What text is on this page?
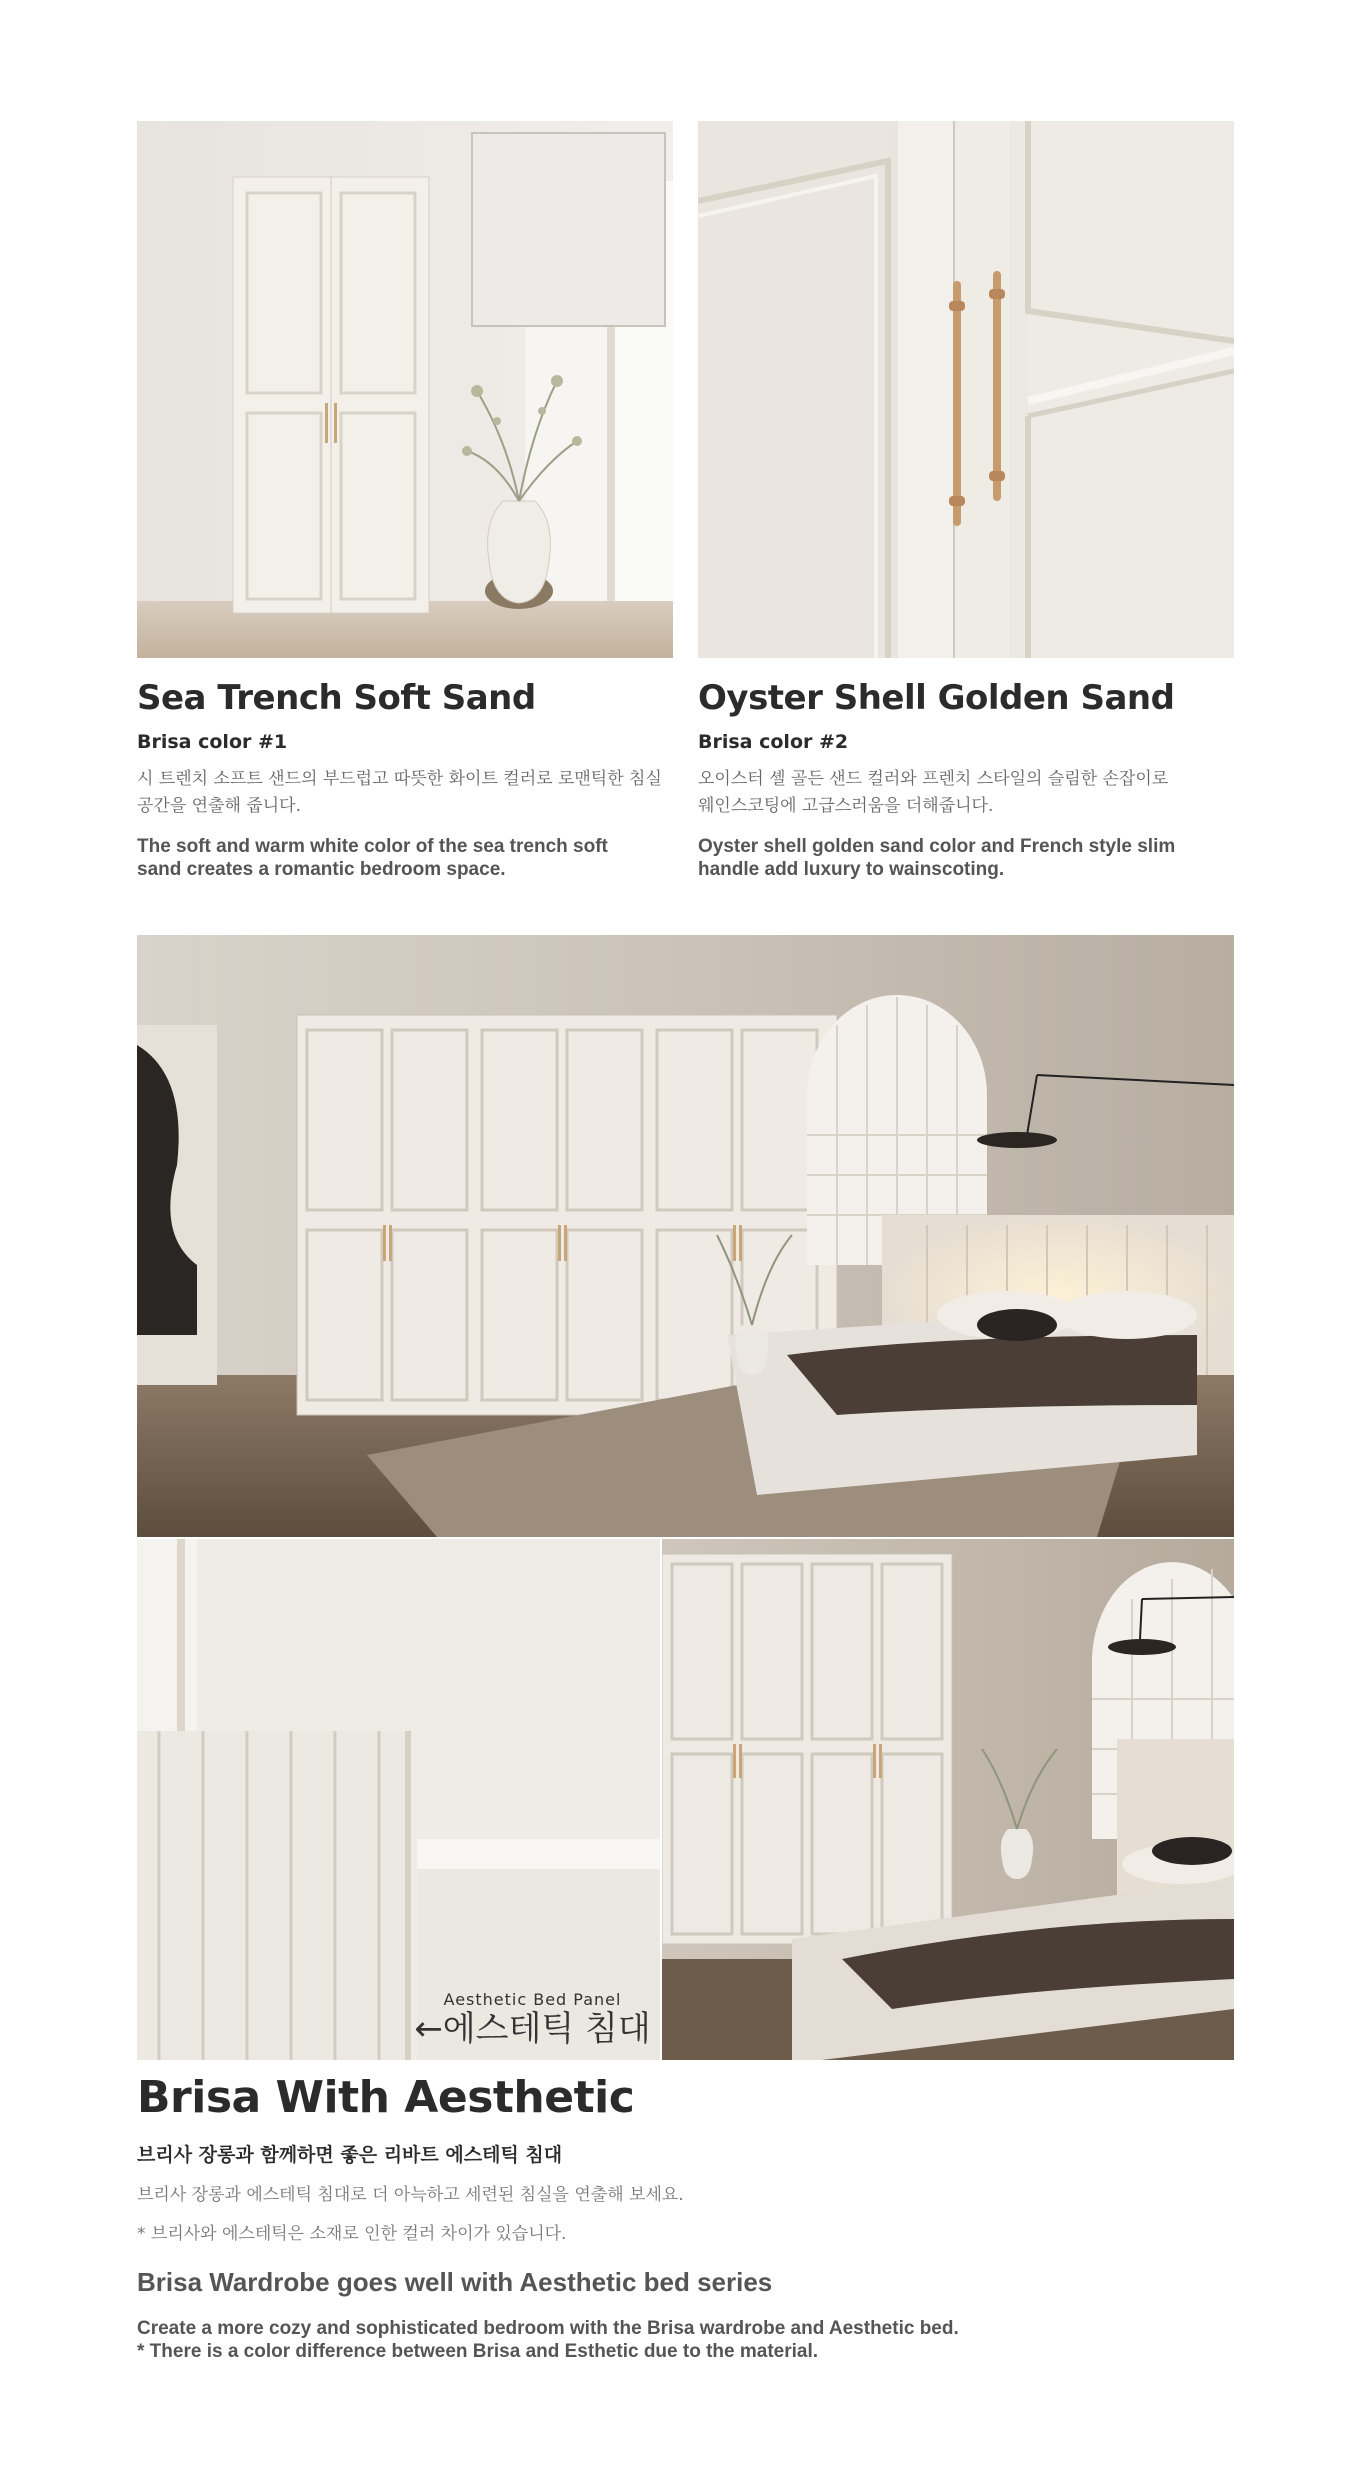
Sea Trench Soft Sand

Brisa color #1

시 트렌치 소프트 샌드의 부드럽고 따뜻한 화이트 컬러로 로맨틱한 침실

공간을 연출해 줍니다.

The soft and warm white color of the sea trench soft

sand creates a romantic bedroom space.

Oyster Shell Golden Sand

Brisa color #2

오이스터 셸 골든 샌드 컬러와 프렌치 스타일의 슬림한 손잡이로

웨인스코팅에 고급스러움을 더해줍니다.

Oyster shell golden sand color and French style slim

handle add luxury to wainscoting.

Aesthetic Bed Panel
←에스테틱 침대
Brisa With Aesthetic

브리사 장롱과 함께하면 좋은 리바트 에스테틱 침대

브리사 장롱과 에스테틱 침대로 더 아늑하고 세련된 침실을 연출해 보세요.

* 브리사와 에스테틱은 소재로 인한 컬러 차이가 있습니다.

Brisa Wardrobe goes well with Aesthetic bed series

Create a more cozy and sophisticated bedroom with the Brisa wardrobe and Aesthetic bed.

* There is a color difference between Brisa and Esthetic due to the material.
